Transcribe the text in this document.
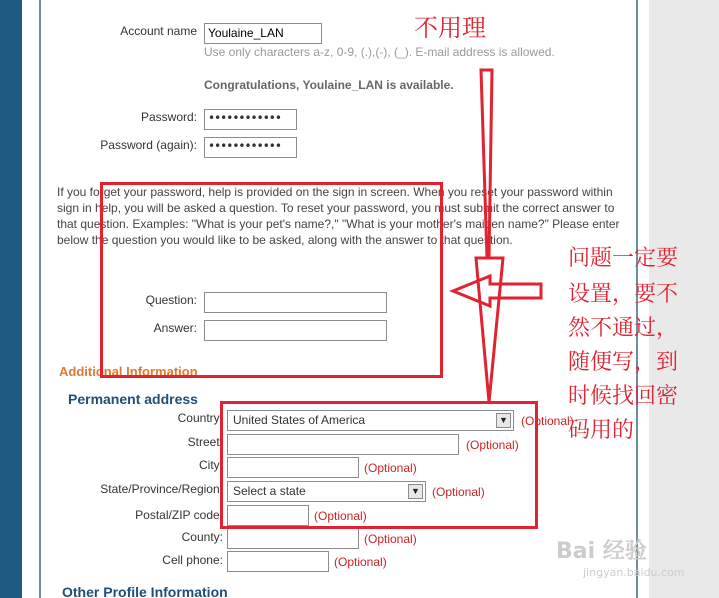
Account name Youlaine_LAN
Use only characters a-z, 0-9, (.),(-), (_). E-mail address is allowed.
Congratulations, Youlaine_LAN is available.
Password: ••••••••••••
Password (again): ••••••••••••
If you forget your password, help is provided on the sign in screen. When you reset your password within sign in help, you will be asked a question. To reset your password, you must submit the correct answer to that question. Examples: "What is your pet's name?," "What is your mother's maiden name?" Please enter below the question you would like to be asked, along with the answer to that question.
Question:
Answer:
Additional Information
Permanent address
Country: United States of America	▼ (Optional)
Street:	(Optional)
City:	(Optional)
State/Province/Region: Select a state	▼ (Optional)
Postal/ZIP code:	(Optional)
County:	(Optional)
Cell phone:	(Optional)
Other Profile Information
不用理
问题一定要
设置，要不
然不通过，
随便写，到
时候找回密
码用的
Bai 经验
jingyan.baidu.com
